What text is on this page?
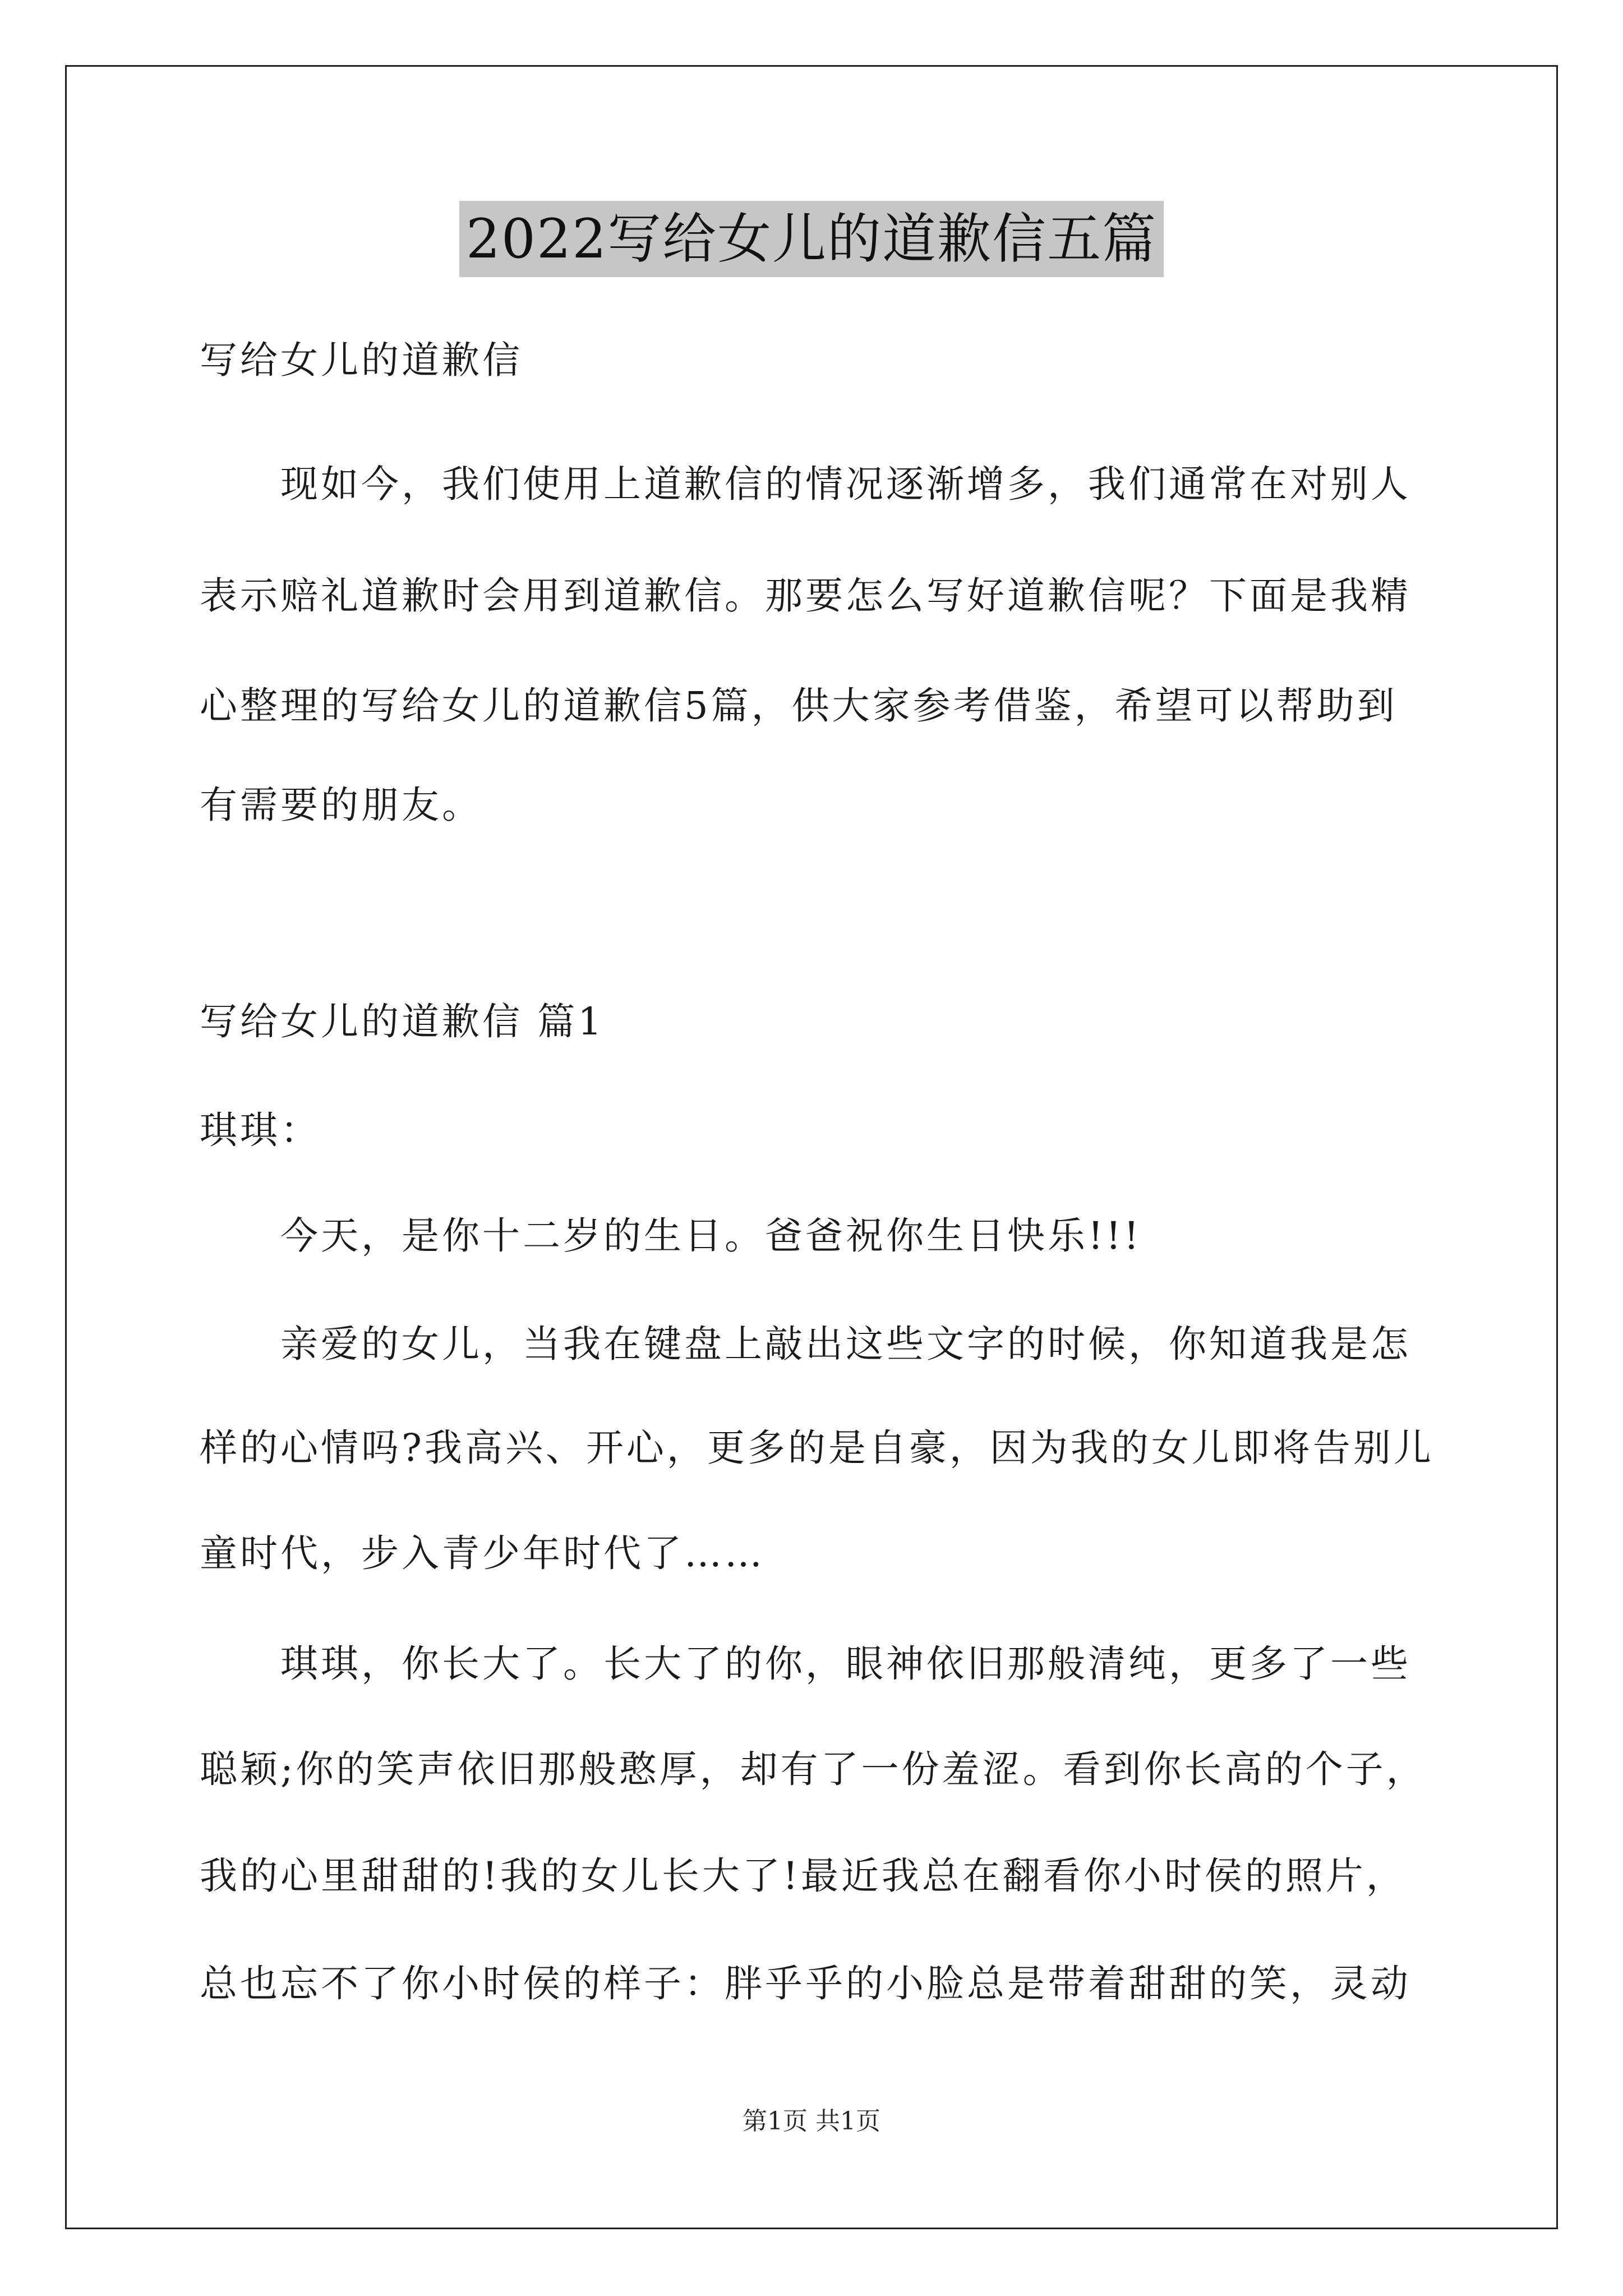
2022写给女儿的道歉信五篇
写给女儿的道歉信
现如今，我们使用上道歉信的情况逐渐增多，我们通常在对别人
表示赔礼道歉时会用到道歉信。那要怎么写好道歉信呢？下面是我精
心整理的写给女儿的道歉信5篇，供大家参考借鉴，希望可以帮助到
有需要的朋友。
写给女儿的道歉信 篇1
琪琪：
今天，是你十二岁的生日。爸爸祝你生日快乐!!!
亲爱的女儿，当我在键盘上敲出这些文字的时候，你知道我是怎
样的心情吗?我高兴、开心，更多的是自豪，因为我的女儿即将告别儿
童时代，步入青少年时代了……
琪琪，你长大了。长大了的你，眼神依旧那般清纯，更多了一些
聪颖;你的笑声依旧那般憨厚，却有了一份羞涩。看到你长高的个子，
我的心里甜甜的!我的女儿长大了!最近我总在翻看你小时侯的照片，
总也忘不了你小时侯的样子：胖乎乎的小脸总是带着甜甜的笑，灵动
第1页 共1页
